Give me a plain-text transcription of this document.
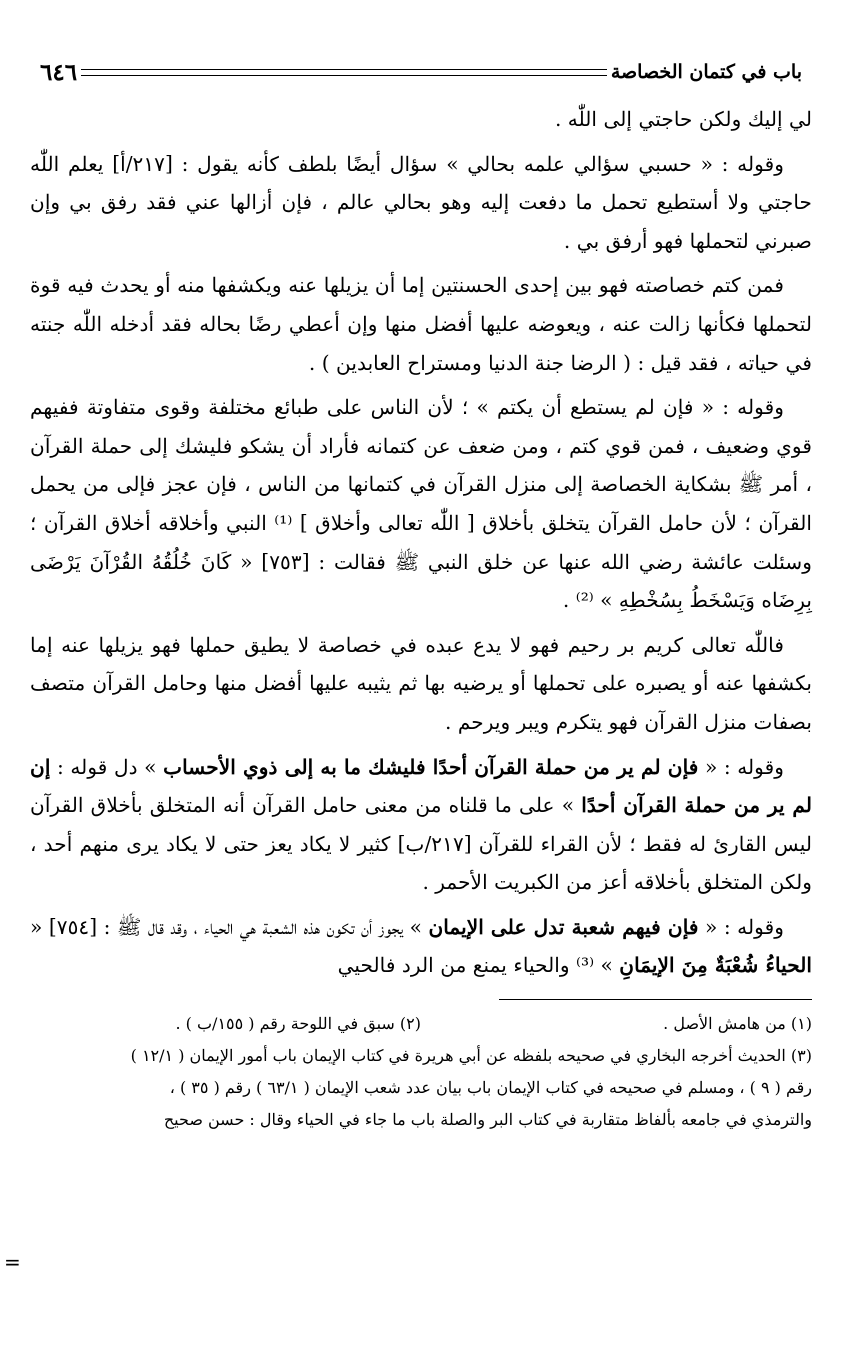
باب في كتمان الخصاصة
٦٤٦

لي إليك ولكن حاجتي إلى اللّٰه .

وقوله : « حسبي سؤالي علمه بحالي » سؤال أيضًا بلطف كأنه يقول : [٢١٧/أ] يعلم اللّٰه حاجتي ولا أستطيع تحمل ما دفعت إليه وهو بحالي عالم ، فإن أزالها عني فقد رفق بي وإن صبرني لتحملها فهو أرفق بي .

فمن كتم خصاصته فهو بين إحدى الحسنتين إما أن يزيلها عنه ويكشفها منه أو يحدث فيه قوة لتحملها فكأنها زالت عنه ، ويعوضه عليها أفضل منها وإن أعطي رضًا بحاله فقد أدخله اللّٰه جنته في حياته ، فقد قيل : ( الرضا جنة الدنيا ومستراح العابدين ) .

وقوله : « فإن لم يستطع أن يكتم » ؛ لأن الناس على طبائع مختلفة وقوى متفاوتة ففيهم قوي وضعيف ، فمن قوي كتم ، ومن ضعف عن كتمانه فأراد أن يشكو فليشك إلى حملة القرآن ، أمر ﷺ بشكاية الخصاصة إلى منزل القرآن في كتمانها من الناس ، فإن عجز فإلى من يحمل القرآن ؛ لأن حامل القرآن يتخلق بأخلاق [ اللّٰه تعالى وأخلاق ] ⁽¹⁾ النبي وأخلاقه أخلاق القرآن ؛ وسئلت عائشة رضي الله عنها عن خلق النبي ﷺ فقالت : [٧٥٣] « كَانَ خُلُقُهُ القُرْآنَ يَرْضَى بِرِضَاه وَيَسْخَطُ بِسُخْطِهِ » ⁽²⁾ .

فاللّٰه تعالى كريم بر رحيم فهو لا يدع عبده في خصاصة لا يطيق حملها فهو يزيلها عنه إما بكشفها عنه أو يصبره على تحملها أو يرضيه بها ثم يثيبه عليها أفضل منها وحامل القرآن متصف بصفات منزل القرآن فهو يتكرم ويبر ويرحم .

وقوله : « فإن لم ير من حملة القرآن أحدًا فليشك ما به إلى ذوي الأحساب » دل قوله : إن لم ير من حملة القرآن أحدًا » على ما قلناه من معنى حامل القرآن أنه المتخلق بأخلاق القرآن ليس القارئ له فقط ؛ لأن القراء للقرآن [٢١٧/ب] كثير لا يكاد يعز حتى لا يكاد يرى منهم أحد ، ولكن المتخلق بأخلاقه أعز من الكبريت الأحمر .

وقوله : « فإن فيهم شعبة تدل على الإيمان » يجوز أن تكون هذه الشعبة هي الحياء ، وقد قال ﷺ : [٧٥٤] « الحياءُ شُعْبَةٌ مِنَ الإيمَانِ » ⁽³⁾ والحياء يمنع من الرد فالحيي

(١) من هامش الأصل .
(٢) سبق في اللوحة رقم ( ١٥٥/ب ) .
(٣) الحديث أخرجه البخاري في صحيحه بلفظه عن أبي هريرة في كتاب الإيمان باب أمور الإيمان ( ١٢/١ )
رقم ( ٩ ) ، ومسلم في صحيحه في كتاب الإيمان باب بيان عدد شعب الإيمان ( ٦٣/١ ) رقم ( ٣٥ ) ،
والترمذي في جامعه بألفاظ متقاربة في كتاب البر والصلة باب ما جاء في الحياء وقال : حسن صحيح
=
